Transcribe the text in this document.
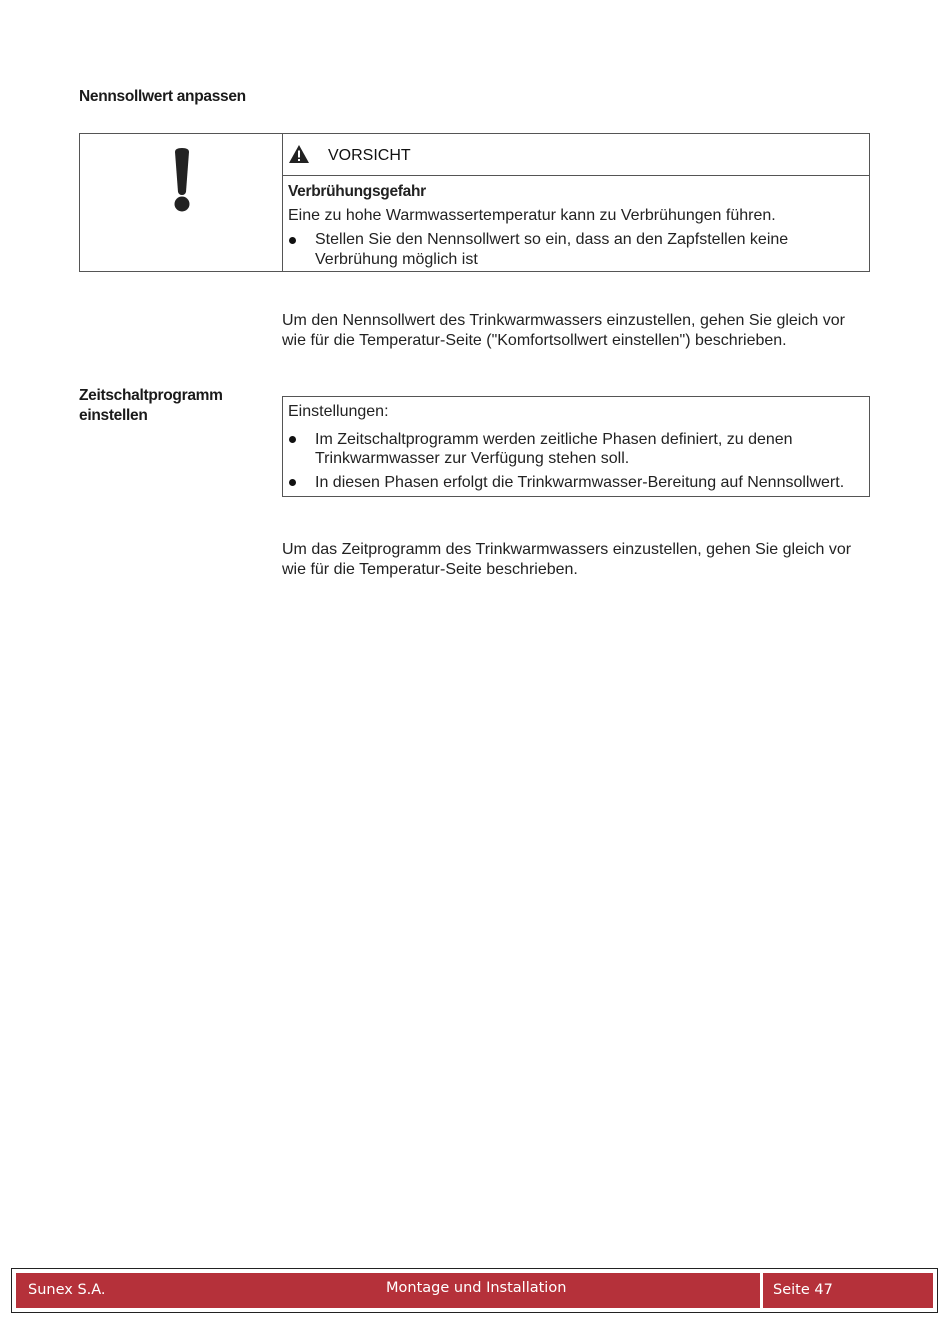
Nennsollwert anpassen
VORSICHT
Verbrühungsgefahr
Eine zu hohe Warmwassertemperatur kann zu Verbrühungen führen.
Stellen Sie den Nennsollwert so ein, dass an den Zapfstellen keine Verbrühung möglich ist
Um den Nennsollwert des Trinkwarmwassers einzustellen, gehen Sie gleich vor wie für die Temperatur-Seite ("Komfortsollwert einstellen") beschrieben.
Zeitschaltprogramm einstellen	Einstellungen:
Im Zeitschaltprogramm werden zeitliche Phasen definiert, zu denen Trinkwarmwasser zur Verfügung stehen soll.
In diesen Phasen erfolgt die Trinkwarmwasser-Bereitung auf Nennsollwert.
Um das Zeitprogramm des Trinkwarmwassers einzustellen, gehen Sie gleich vor wie für die Temperatur-Seite beschrieben.
Sunex S.A.	Montage und Installation	Seite 47
